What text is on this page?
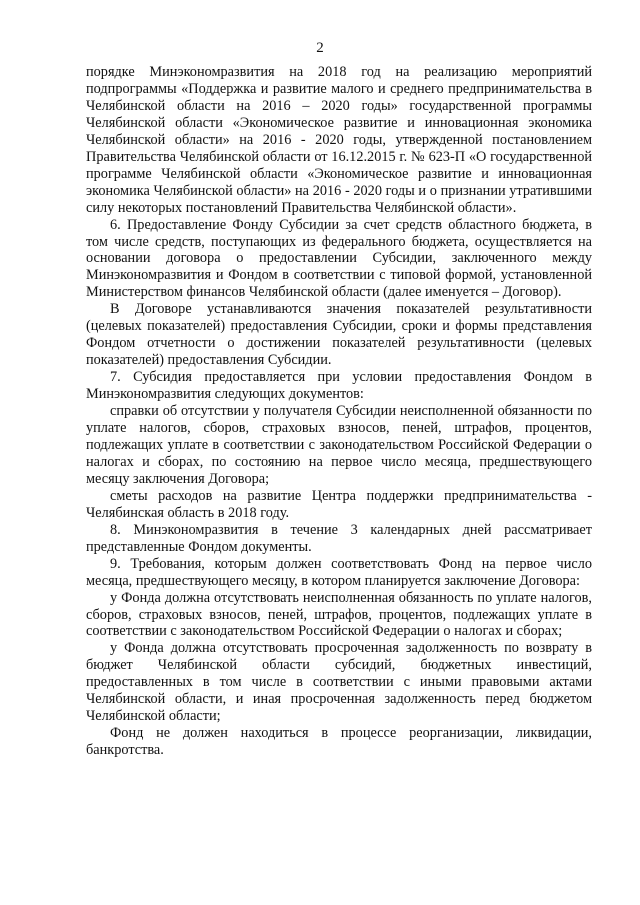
2

порядке Минэкономразвития на 2018 год на реализацию мероприятий подпрограммы «Поддержка и развитие малого и среднего предпринимательства в Челябинской области на 2016 – 2020 годы» государственной программы Челябинской области «Экономическое развитие и инновационная экономика Челябинской области» на 2016 - 2020 годы, утвержденной постановлением Правительства Челябинской области от 16.12.2015 г. № 623-П «О государственной программе Челябинской области «Экономическое развитие и инновационная экономика Челябинской области» на 2016 - 2020 годы и о признании утратившими силу некоторых постановлений Правительства Челябинской области».

6. Предоставление Фонду Субсидии за счет средств областного бюджета, в том числе средств, поступающих из федерального бюджета, осуществляется на основании договора о предоставлении Субсидии, заключенного между Минэкономразвития и Фондом в соответствии с типовой формой, установленной Министерством финансов Челябинской области (далее именуется – Договор).

В Договоре устанавливаются значения показателей результативности (целевых показателей) предоставления Субсидии, сроки и формы представления Фондом отчетности о достижении показателей результативности (целевых показателей) предоставления Субсидии.

7. Субсидия предоставляется при условии предоставления Фондом в Минэкономразвития следующих документов:

справки об отсутствии у получателя Субсидии неисполненной обязанности по уплате налогов, сборов, страховых взносов, пеней, штрафов, процентов, подлежащих уплате в соответствии с законодательством Российской Федерации о налогах и сборах, по состоянию на первое число месяца, предшествующего месяцу заключения Договора;

сметы расходов на развитие Центра поддержки предпринимательства - Челябинская область в 2018 году.

8. Минэкономразвития в течение 3 календарных дней рассматривает представленные Фондом документы.

9. Требования, которым должен соответствовать Фонд на первое число месяца, предшествующего месяцу, в котором планируется заключение Договора:

у Фонда должна отсутствовать неисполненная обязанность по уплате налогов, сборов, страховых взносов, пеней, штрафов, процентов, подлежащих уплате в соответствии с законодательством Российской Федерации о налогах и сборах;

у Фонда должна отсутствовать просроченная задолженность по возврату в бюджет Челябинской области субсидий, бюджетных инвестиций, предоставленных в том числе в соответствии с иными правовыми актами Челябинской области, и иная просроченная задолженность перед бюджетом Челябинской области;

Фонд не должен находиться в процессе реорганизации, ликвидации, банкротства.
